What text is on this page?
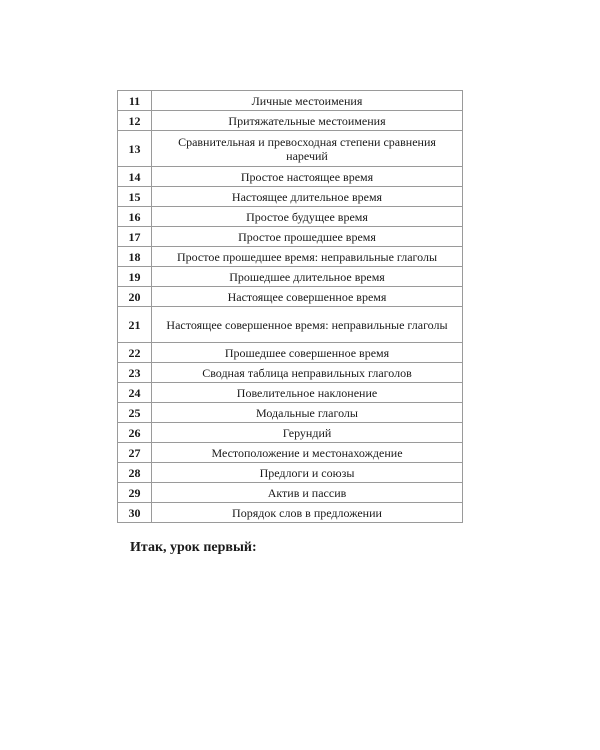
11	Личные местоимения
12	Притяжательные местоимения
13	Сравнительная и превосходная степени сравнения наречий
14	Простое настоящее время
15	Настоящее длительное время
16	Простое будущее время
17	Простое прошедшее время
18	Простое прошедшее время: неправильные глаголы
19	Прошедшее длительное время
20	Настоящее совершенное время
21	Настоящее совершенное время: неправильные глаголы
22	Прошедшее совершенное время
23	Сводная таблица неправильных глаголов
24	Повелительное наклонение
25	Модальные глаголы
26	Герундий
27	Местоположение и местонахождение
28	Предлоги и союзы
29	Актив и пассив
30	Порядок слов в предложении
Итак, урок первый:
